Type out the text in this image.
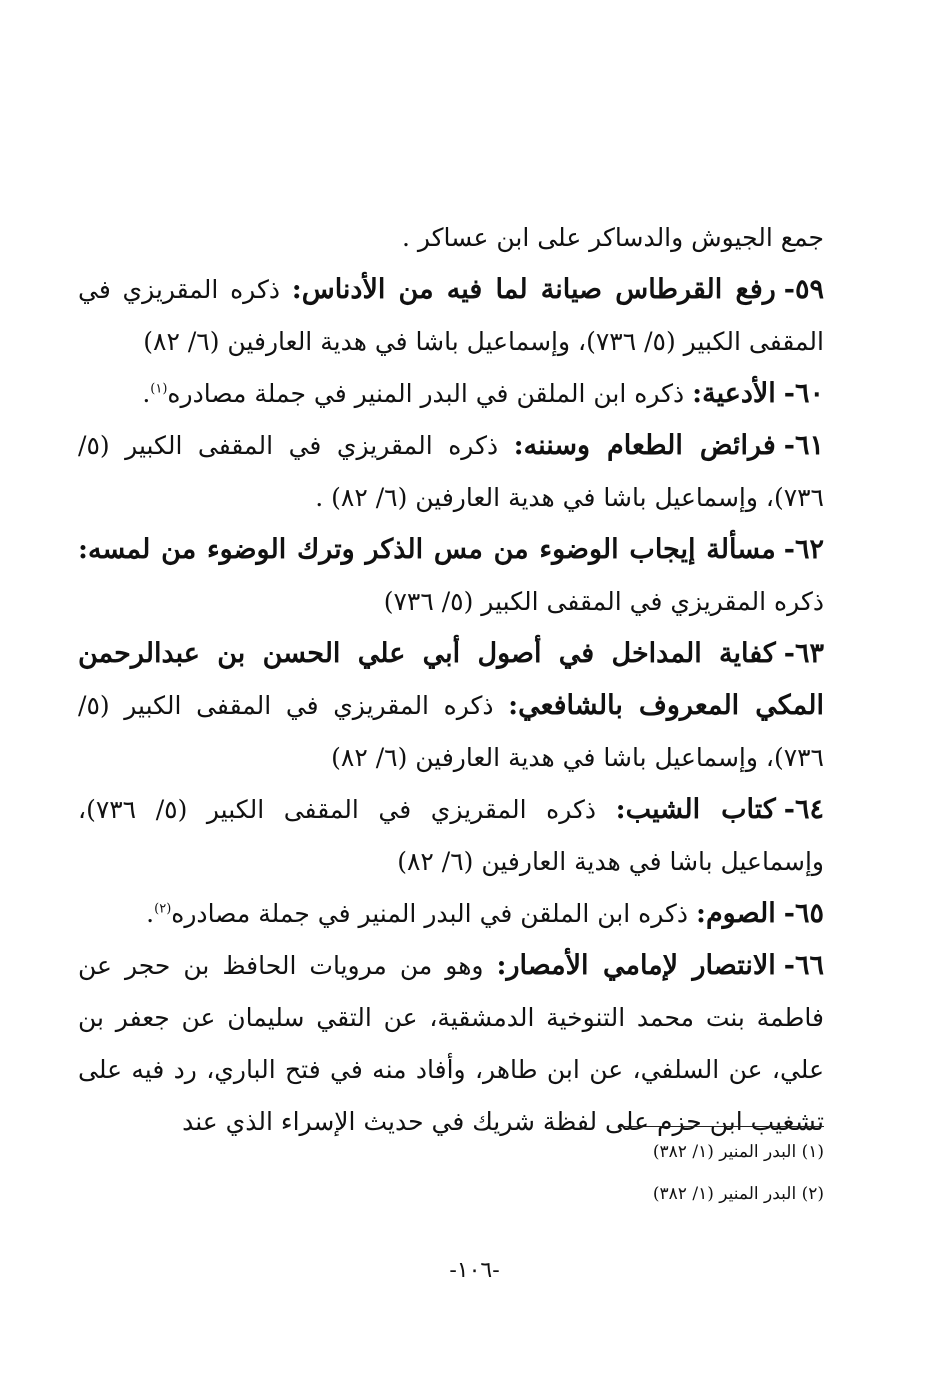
جمع الجيوش والدساكر على ابن عساكر .

٥٩-رفع القرطاس صيانة لما فيه من الأدناس: ذكره المقريزي في المقفى الكبير (٥/ ٧٣٦)، وإسماعيل باشا في هدية العارفين (٦/ ٨٢)

٦٠-الأدعية: ذكره ابن الملقن في البدر المنير في جملة مصادره$^{(١)}$.

٦١-فرائض الطعام وسننه: ذكره المقريزي في المقفى الكبير (٥/ ٧٣٦)، وإسماعيل باشا في هدية العارفين (٦/ ٨٢) .

٦٢-مسألة إيجاب الوضوء من مس الذكر وترك الوضوء من لمسه: ذكره المقريزي في المقفى الكبير (٥/ ٧٣٦)

٦٣-كفاية المداخل في أصول أبي علي الحسن بن عبدالرحمن المكي المعروف بالشافعي: ذكره المقريزي في المقفى الكبير (٥/ ٧٣٦)، وإسماعيل باشا في هدية العارفين (٦/ ٨٢)

٦٤-كتاب الشيب: ذكره المقريزي في المقفى الكبير (٥/ ٧٣٦)، وإسماعيل باشا في هدية العارفين (٦/ ٨٢)

٦٥-الصوم: ذكره ابن الملقن في البدر المنير في جملة مصادره$^{(٢)}$.

٦٦-الانتصار لإمامي الأمصار: وهو من مرويات الحافظ بن حجر عن فاطمة بنت محمد التنوخية الدمشقية، عن التقي سليمان عن جعفر بن علي، عن السلفي، عن ابن طاهر، وأفاد منه في فتح الباري، رد فيه على تشغيب ابن حزم على لفظة شريك في حديث الإسراء الذي عند

(١) البدر المنير (١/ ٣٨٢)
(٢) البدر المنير (١/ ٣٨٢)
-١٠٦-
